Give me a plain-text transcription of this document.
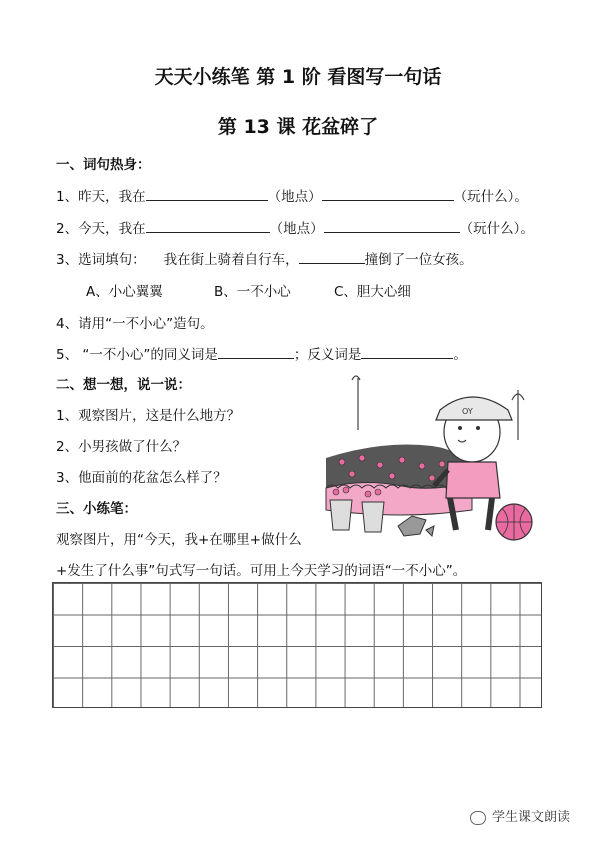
天天小练笔 第 1 阶 看图写一句话
第 13 课 花盆碎了
一、词句热身：
1、昨天，我在	（地点）	（玩什么）。
2、今天，我在	（地点）	（玩什么）。
3、选词填句： 我在街上骑着自行车，	撞倒了一位女孩。
A、小心翼翼	B、一不小心	C、胆大心细
4、请用“一不小心”造句。
5、 “一不小心”的同义词是	；反义词是	。
二、想一想，说一说：
1、观察图片，这是什么地方？
2、小男孩做了什么？
3、他面前的花盆怎么样了？
三、小练笔：
观察图片，用“今天，我+在哪里+做什么
+发生了什么事”句式写一句话。可用上今天学习的词语“一不小心”。
OY
学生课文朗读
